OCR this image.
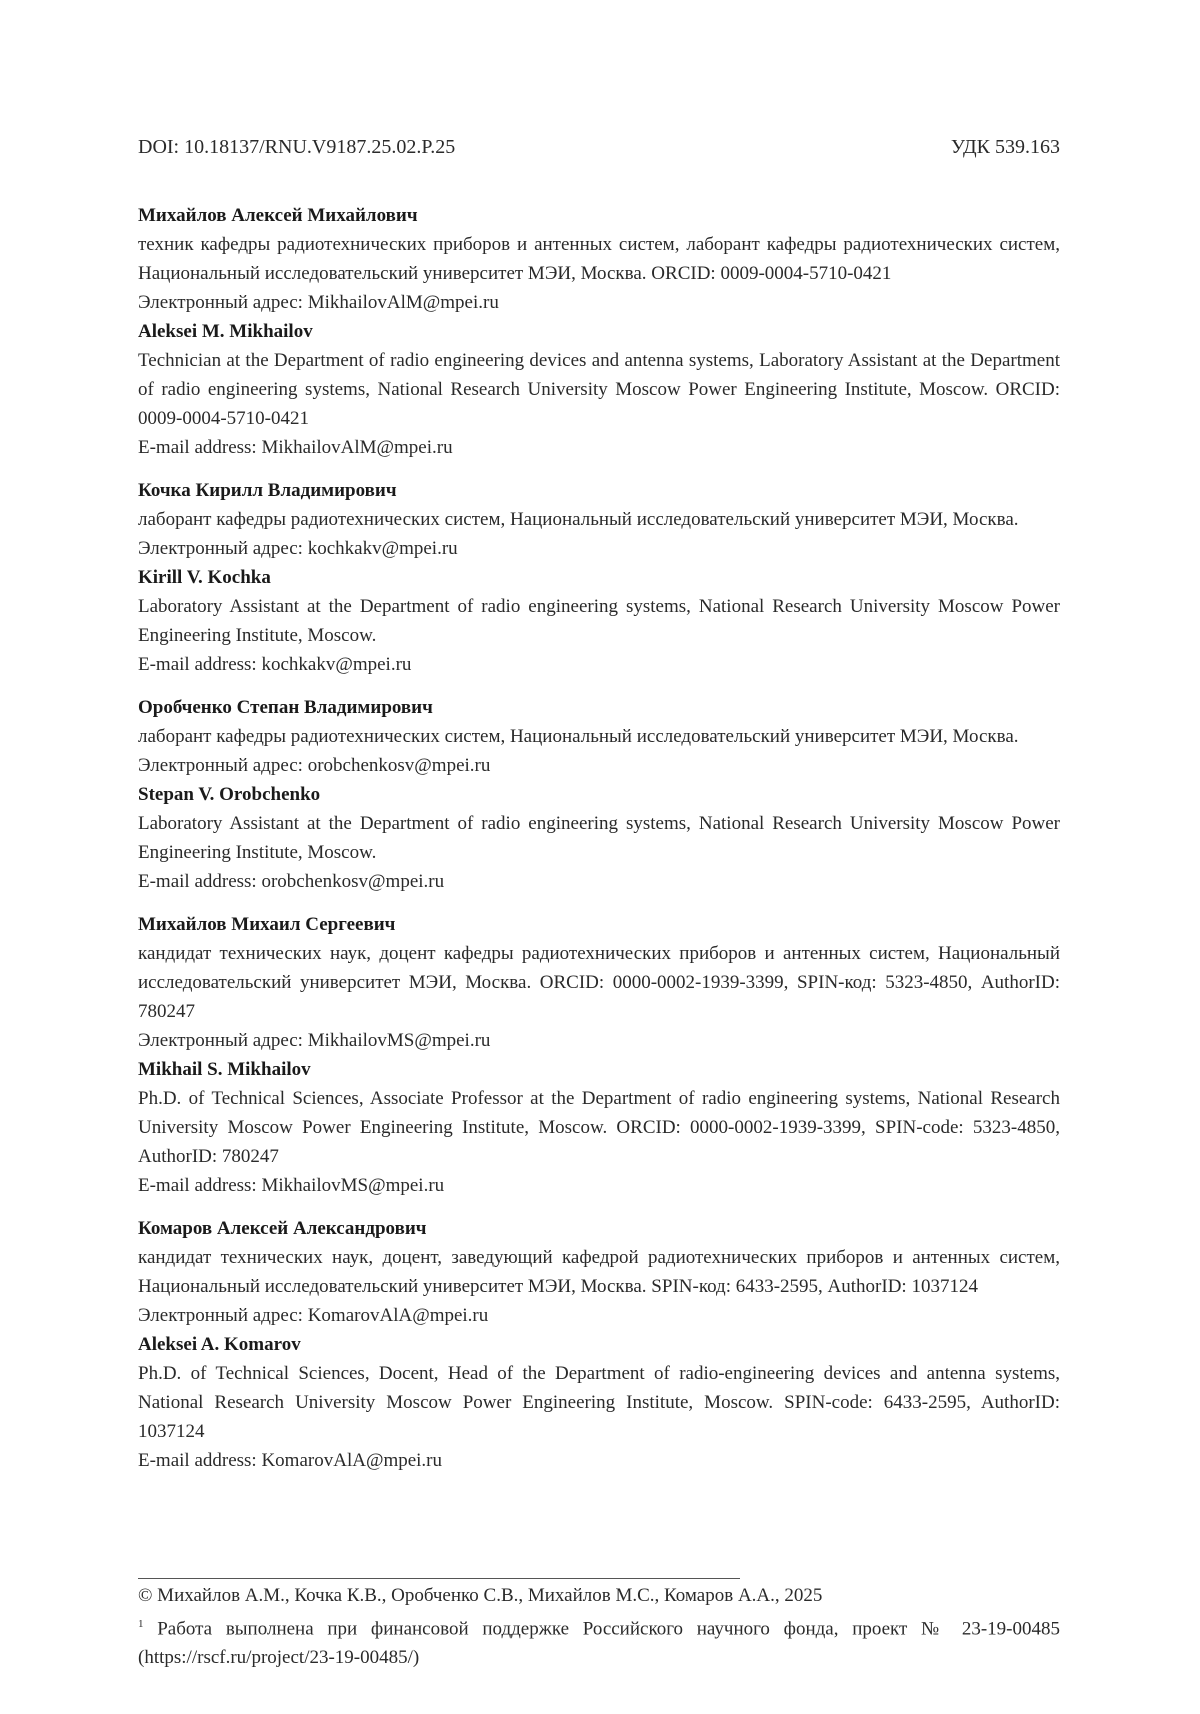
DOI: 10.18137/RNU.V9187.25.02.P.25	УДК 539.163
Михайлов Алексей Михайлович
техник кафедры радиотехнических приборов и антенных систем, лаборант кафедры радиотехнических систем, Национальный исследовательский университет МЭИ, Москва. ORCID: 0009-0004-5710-0421
Электронный адрес: MikhailovAlM@mpei.ru
Aleksei M. Mikhailov
Technician at the Department of radio engineering devices and antenna systems, Laboratory Assistant at the Department of radio engineering systems, National Research University Moscow Power Engineering Institute, Moscow. ORCID: 0009-0004-5710-0421
E-mail address: MikhailovAlM@mpei.ru
Кочка Кирилл Владимирович
лаборант кафедры радиотехнических систем, Национальный исследовательский университет МЭИ, Москва.
Электронный адрес: kochkakv@mpei.ru
Kirill V. Kochka
Laboratory Assistant at the Department of radio engineering systems, National Research University Moscow Power Engineering Institute, Moscow.
E-mail address: kochkakv@mpei.ru
Оробченко Степан Владимирович
лаборант кафедры радиотехнических систем, Национальный исследовательский университет МЭИ, Москва.
Электронный адрес: orobchenkosv@mpei.ru
Stepan V. Orobchenko
Laboratory Assistant at the Department of radio engineering systems, National Research University Moscow Power Engineering Institute, Moscow.
E-mail address: orobchenkosv@mpei.ru
Михайлов Михаил Сергеевич
кандидат технических наук, доцент кафедры радиотехнических приборов и антенных систем, Национальный исследовательский университет МЭИ, Москва. ORCID: 0000-0002-1939-3399, SPIN-код: 5323-4850, AuthorID: 780247
Электронный адрес: MikhailovMS@mpei.ru
Mikhail S. Mikhailov
Ph.D. of Technical Sciences, Associate Professor at the Department of radio engineering systems, National Research University Moscow Power Engineering Institute, Moscow. ORCID: 0000-0002-1939-3399, SPIN-code: 5323-4850, AuthorID: 780247
E-mail address: MikhailovMS@mpei.ru
Комаров Алексей Александрович
кандидат технических наук, доцент, заведующий кафедрой радиотехнических приборов и антенных систем, Национальный исследовательский университет МЭИ, Москва. SPIN-код: 6433-2595, AuthorID: 1037124
Электронный адрес: KomarovAlA@mpei.ru
Aleksei A. Komarov
Ph.D. of Technical Sciences, Docent, Head of the Department of radio-engineering devices and antenna systems, National Research University Moscow Power Engineering Institute, Moscow. SPIN-code: 6433-2595, AuthorID: 1037124
E-mail address: KomarovAlA@mpei.ru
© Михайлов А.М., Кочка К.В., Оробченко С.В., Михайлов М.С., Комаров А.А., 2025
$^1$ Работа выполнена при финансовой поддержке Российского научного фонда, проект № 23-19-00485 (https://rscf.ru/project/23-19-00485/)
